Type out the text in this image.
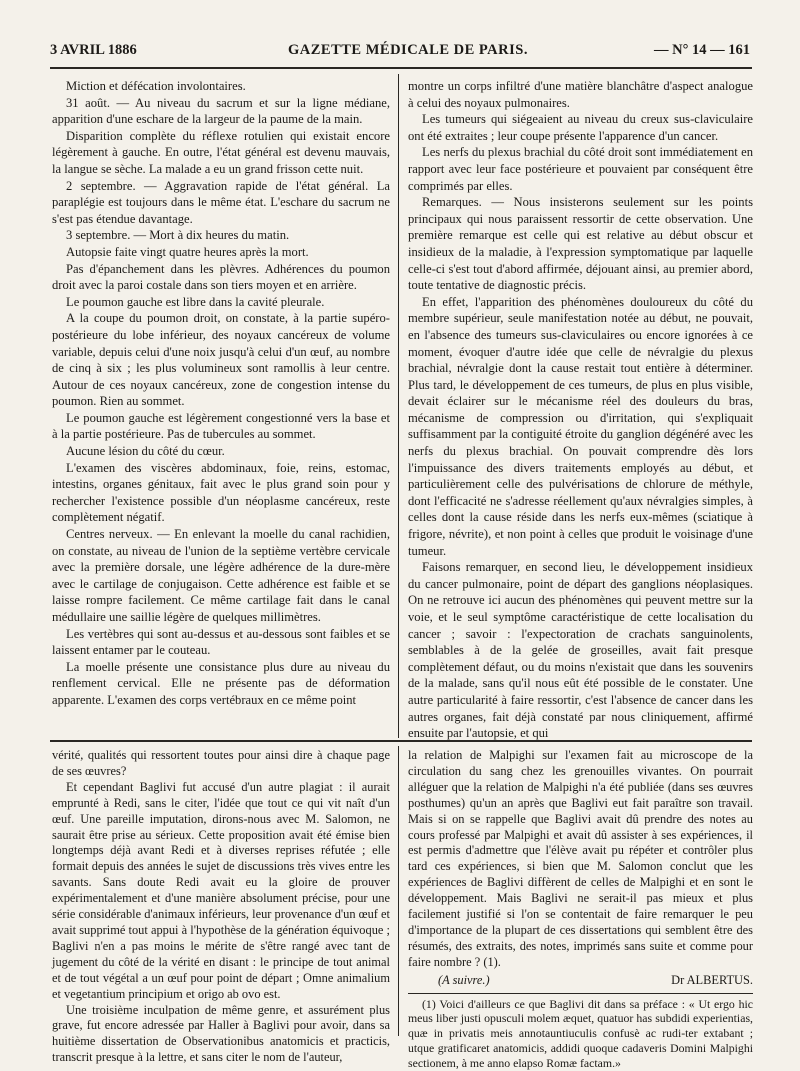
3 AVRIL 1886	GAZETTE MÉDICALE DE PARIS.	— N° 14 — 161

Miction et défécation involontaires.

31 août. — Au niveau du sacrum et sur la ligne médiane, apparition d'une eschare de la largeur de la paume de la main.

Disparition complète du réflexe rotulien qui existait encore légèrement à gauche. En outre, l'état général est devenu mauvais, la langue se sèche. La malade a eu un grand frisson cette nuit.

2 septembre. — Aggravation rapide de l'état général. La paraplégie est toujours dans le même état. L'eschare du sacrum ne s'est pas étendue davantage.

3 septembre. — Mort à dix heures du matin.

Autopsie faite vingt quatre heures après la mort.

Pas d'épanchement dans les plèvres. Adhérences du poumon droit avec la paroi costale dans son tiers moyen et en arrière.

Le poumon gauche est libre dans la cavité pleurale.

A la coupe du poumon droit, on constate, à la partie supéro-postérieure du lobe inférieur, des noyaux cancéreux de volume variable, depuis celui d'une noix jusqu'à celui d'un œuf, au nombre de cinq à six ; les plus volumineux sont ramollis à leur centre. Autour de ces noyaux cancéreux, zone de congestion intense du poumon. Rien au sommet.

Le poumon gauche est légèrement congestionné vers la base et à la partie postérieure. Pas de tubercules au sommet.

Aucune lésion du côté du cœur.

L'examen des viscères abdominaux, foie, reins, estomac, intestins, organes génitaux, fait avec le plus grand soin pour y rechercher l'existence possible d'un néoplasme cancéreux, reste complètement négatif.

Centres nerveux. — En enlevant la moelle du canal rachidien, on constate, au niveau de l'union de la septième vertèbre cervicale avec la première dorsale, une légère adhérence de la dure-mère avec le cartilage de conjugaison. Cette adhérence est faible et se laisse rompre facilement. Ce même cartilage fait dans le canal médullaire une saillie légère de quelques millimètres.

Les vertèbres qui sont au-dessus et au-dessous sont faibles et se laissent entamer par le couteau.

La moelle présente une consistance plus dure au niveau du renflement cervical. Elle ne présente pas de déformation apparente. L'examen des corps vertébraux en ce même point

montre un corps infiltré d'une matière blanchâtre d'aspect analogue à celui des noyaux pulmonaires.

Les tumeurs qui siégeaient au niveau du creux sus-claviculaire ont été extraites ; leur coupe présente l'apparence d'un cancer.

Les nerfs du plexus brachial du côté droit sont immédiatement en rapport avec leur face postérieure et pouvaient par conséquent être comprimés par elles.

Remarques. — Nous insisterons seulement sur les points principaux qui nous paraissent ressortir de cette observation. Une première remarque est celle qui est relative au début obscur et insidieux de la maladie, à l'expression symptomatique par laquelle celle-ci s'est tout d'abord affirmée, déjouant ainsi, au premier abord, toute tentative de diagnostic précis.

En effet, l'apparition des phénomènes douloureux du côté du membre supérieur, seule manifestation notée au début, ne pouvait, en l'absence des tumeurs sus-claviculaires ou encore ignorées à ce moment, évoquer d'autre idée que celle de névralgie du plexus brachial, névralgie dont la cause restait tout entière à déterminer. Plus tard, le développement de ces tumeurs, de plus en plus visible, devait éclairer sur le mécanisme réel des douleurs du bras, mécanisme de compression ou d'irritation, qui s'expliquait suffisamment par la contiguité étroite du ganglion dégénéré avec les nerfs du plexus brachial. On pouvait comprendre dès lors l'impuissance des divers traitements employés au début, et particulièrement celle des pulvérisations de chlorure de méthyle, dont l'efficacité ne s'adresse réellement qu'aux névralgies simples, à celles dont la cause réside dans les nerfs eux-mêmes (sciatique à frigore, névrite), et non point à celles que produit le voisinage d'une tumeur.

Faisons remarquer, en second lieu, le développement insidieux du cancer pulmonaire, point de départ des ganglions néoplasiques. On ne retrouve ici aucun des phénomènes qui peuvent mettre sur la voie, et le seul symptôme caractéristique de cette localisation du cancer ; savoir : l'expectoration de crachats sanguinolents, semblables à de la gelée de groseilles, avait fait presque complètement défaut, ou du moins n'existait que dans les souvenirs de la malade, sans qu'il nous eût été possible de le constater. Une autre particularité à faire ressortir, c'est l'absence de cancer dans les autres organes, fait déjà constaté par nous cliniquement, affirmé ensuite par l'autopsie, et qui

vérité, qualités qui ressortent toutes pour ainsi dire à chaque page de ses œuvres?

Et cependant Baglivi fut accusé d'un autre plagiat : il aurait emprunté à Redi, sans le citer, l'idée que tout ce qui vit naît d'un œuf. Une pareille imputation, dirons-nous avec M. Salomon, ne saurait être prise au sérieux. Cette proposition avait été émise bien longtemps déjà avant Redi et à diverses reprises réfutée ; elle formait depuis des années le sujet de discussions très vives entre les savants. Sans doute Redi avait eu la gloire de prouver expérimentalement et d'une manière absolument précise, pour une série considérable d'animaux inférieurs, leur provenance d'un œuf et avait supprimé tout appui à l'hypothèse de la génération équivoque ; Baglivi n'en a pas moins le mérite de s'être rangé avec tant de jugement du côté de la vérité en disant : le principe de tout animal et de tout végétal a un œuf pour point de départ ; Omne animalium et vegetantium principium et origo ab ovo est.

Une troisième inculpation de même genre, et assurément plus grave, fut encore adressée par Haller à Baglivi pour avoir, dans sa huitième dissertation de Observationibus anatomicis et practicis, transcrit presque à la lettre, et sans citer le nom de l'auteur,

la relation de Malpighi sur l'examen fait au microscope de la circulation du sang chez les grenouilles vivantes. On pourrait alléguer que la relation de Malpighi n'a été publiée (dans ses œuvres posthumes) qu'un an après que Baglivi eut fait paraître son travail. Mais si on se rappelle que Baglivi avait dû prendre des notes au cours professé par Malpighi et avait dû assister à ses expériences, il est permis d'admettre que l'élève avait pu répéter et contrôler plus tard ces expériences, si bien que M. Salomon conclut que les expériences de Baglivi diffèrent de celles de Malpighi et en sont le développement. Mais Baglivi ne serait-il pas mieux et plus facilement justifié si l'on se contentait de faire remarquer le peu d'importance de la plupart de ces dissertations qui semblent être des résumés, des extraits, des notes, imprimés sans suite et comme pour faire nombre ? (1).

(A suivre.)	Dr ALBERTUS.

(1) Voici d'ailleurs ce que Baglivi dit dans sa préface : « Ut ergo hic meus liber justi opusculi molem æquet, quatuor has subdidi experientias, quæ in privatis meis annotauntiuculis confusè ac rudi-ter extabant ; utque gratificaret anatomicis, addidi quoque cadaveris Domini Malpighi sectionem, à me anno elapso Romæ factam.»
